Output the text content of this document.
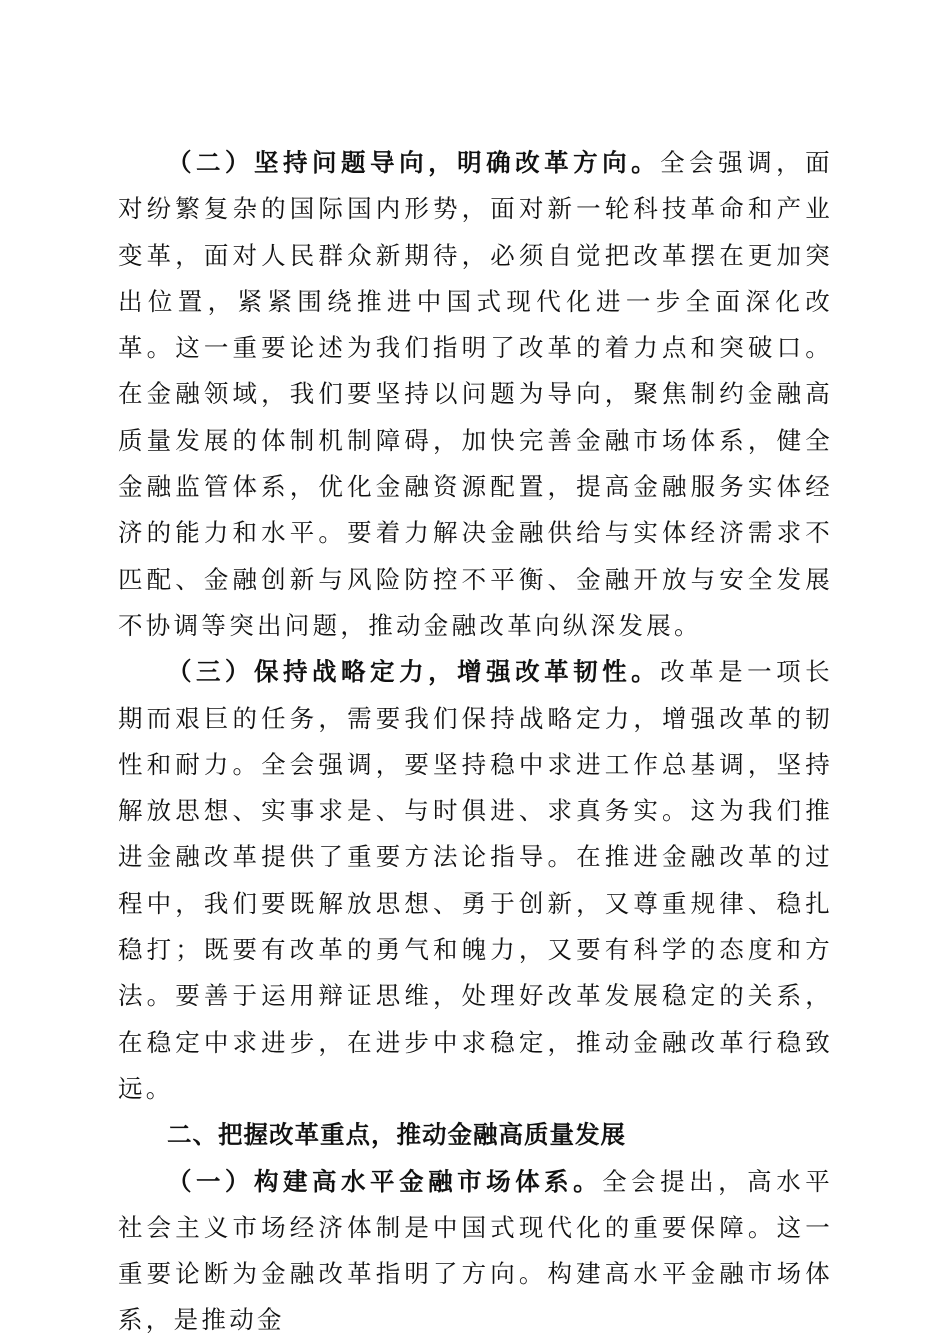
（二）坚持问题导向，明确改革方向。全会强调，面对纷繁复杂的国际国内形势，面对新一轮科技革命和产业变革，面对人民群众新期待，必须自觉把改革摆在更加突出位置，紧紧围绕推进中国式现代化进一步全面深化改革。这一重要论述为我们指明了改革的着力点和突破口。在金融领域，我们要坚持以问题为导向，聚焦制约金融高质量发展的体制机制障碍，加快完善金融市场体系，健全金融监管体系，优化金融资源配置，提高金融服务实体经济的能力和水平。要着力解决金融供给与实体经济需求不匹配、金融创新与风险防控不平衡、金融开放与安全发展不协调等突出问题，推动金融改革向纵深发展。

（三）保持战略定力，增强改革韧性。改革是一项长期而艰巨的任务，需要我们保持战略定力，增强改革的韧性和耐力。全会强调，要坚持稳中求进工作总基调，坚持解放思想、实事求是、与时俱进、求真务实。这为我们推进金融改革提供了重要方法论指导。在推进金融改革的过程中，我们要既解放思想、勇于创新，又尊重规律、稳扎稳打；既要有改革的勇气和魄力，又要有科学的态度和方法。要善于运用辩证思维，处理好改革发展稳定的关系，在稳定中求进步，在进步中求稳定，推动金融改革行稳致远。

二、把握改革重点，推动金融高质量发展

（一）构建高水平金融市场体系。全会提出，高水平社会主义市场经济体制是中国式现代化的重要保障。这一重要论断为金融改革指明了方向。构建高水平金融市场体系，是推动金
